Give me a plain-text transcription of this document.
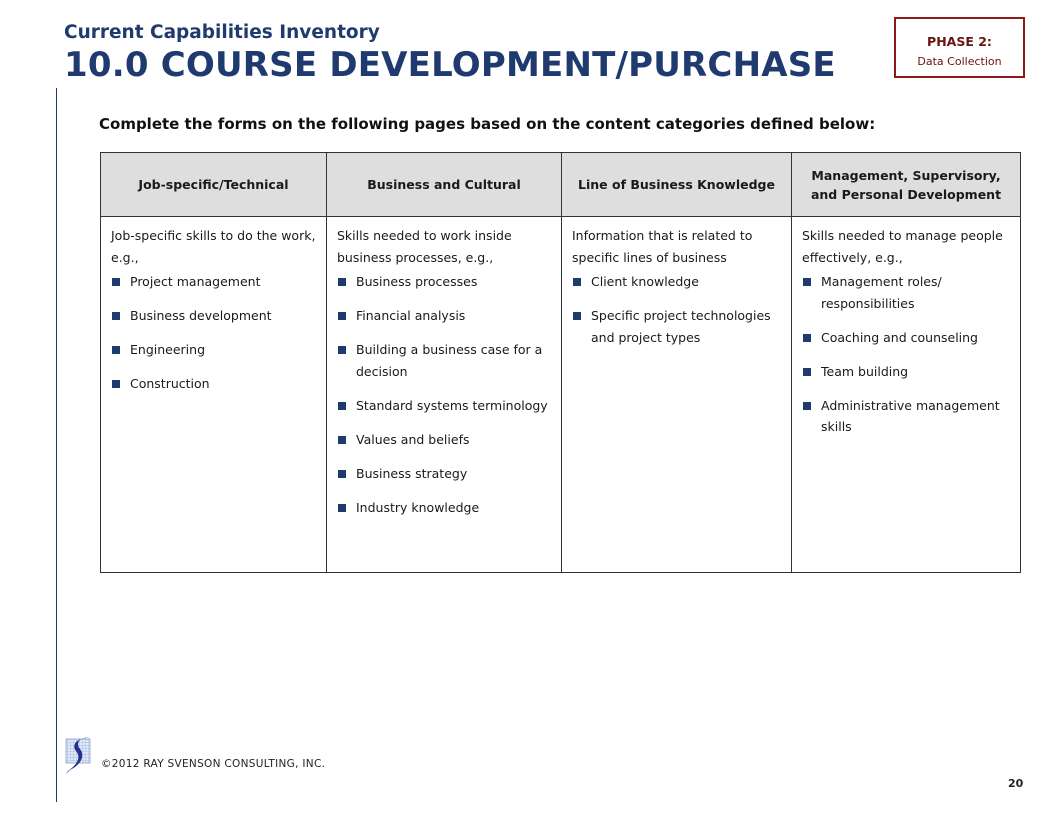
Current Capabilities Inventory
10.0 COURSE DEVELOPMENT/PURCHASE
PHASE 2:
Data Collection
Complete the forms on the following pages based on the content categories defined below:
Job-specific/Technical	Business and Cultural	Line of Business Knowledge
Management, Supervisory, and Personal Development

Job-specific skills to do the work, e.g.,

Project management
Business development
Engineering
Construction

Skills needed to work inside business processes, e.g.,

Business processes
Financial analysis
Building a business case for a decision
Standard systems terminology
Values and beliefs
Business strategy
Industry knowledge

Information that is related to specific lines of business

Client knowledge
Specific project technologies and project types

Skills needed to manage people effectively, e.g.,

Management roles/ responsibilities
Coaching and counseling
Team building
Administrative management skills
©2012 RAY SVENSON CONSULTING, INC.
20
